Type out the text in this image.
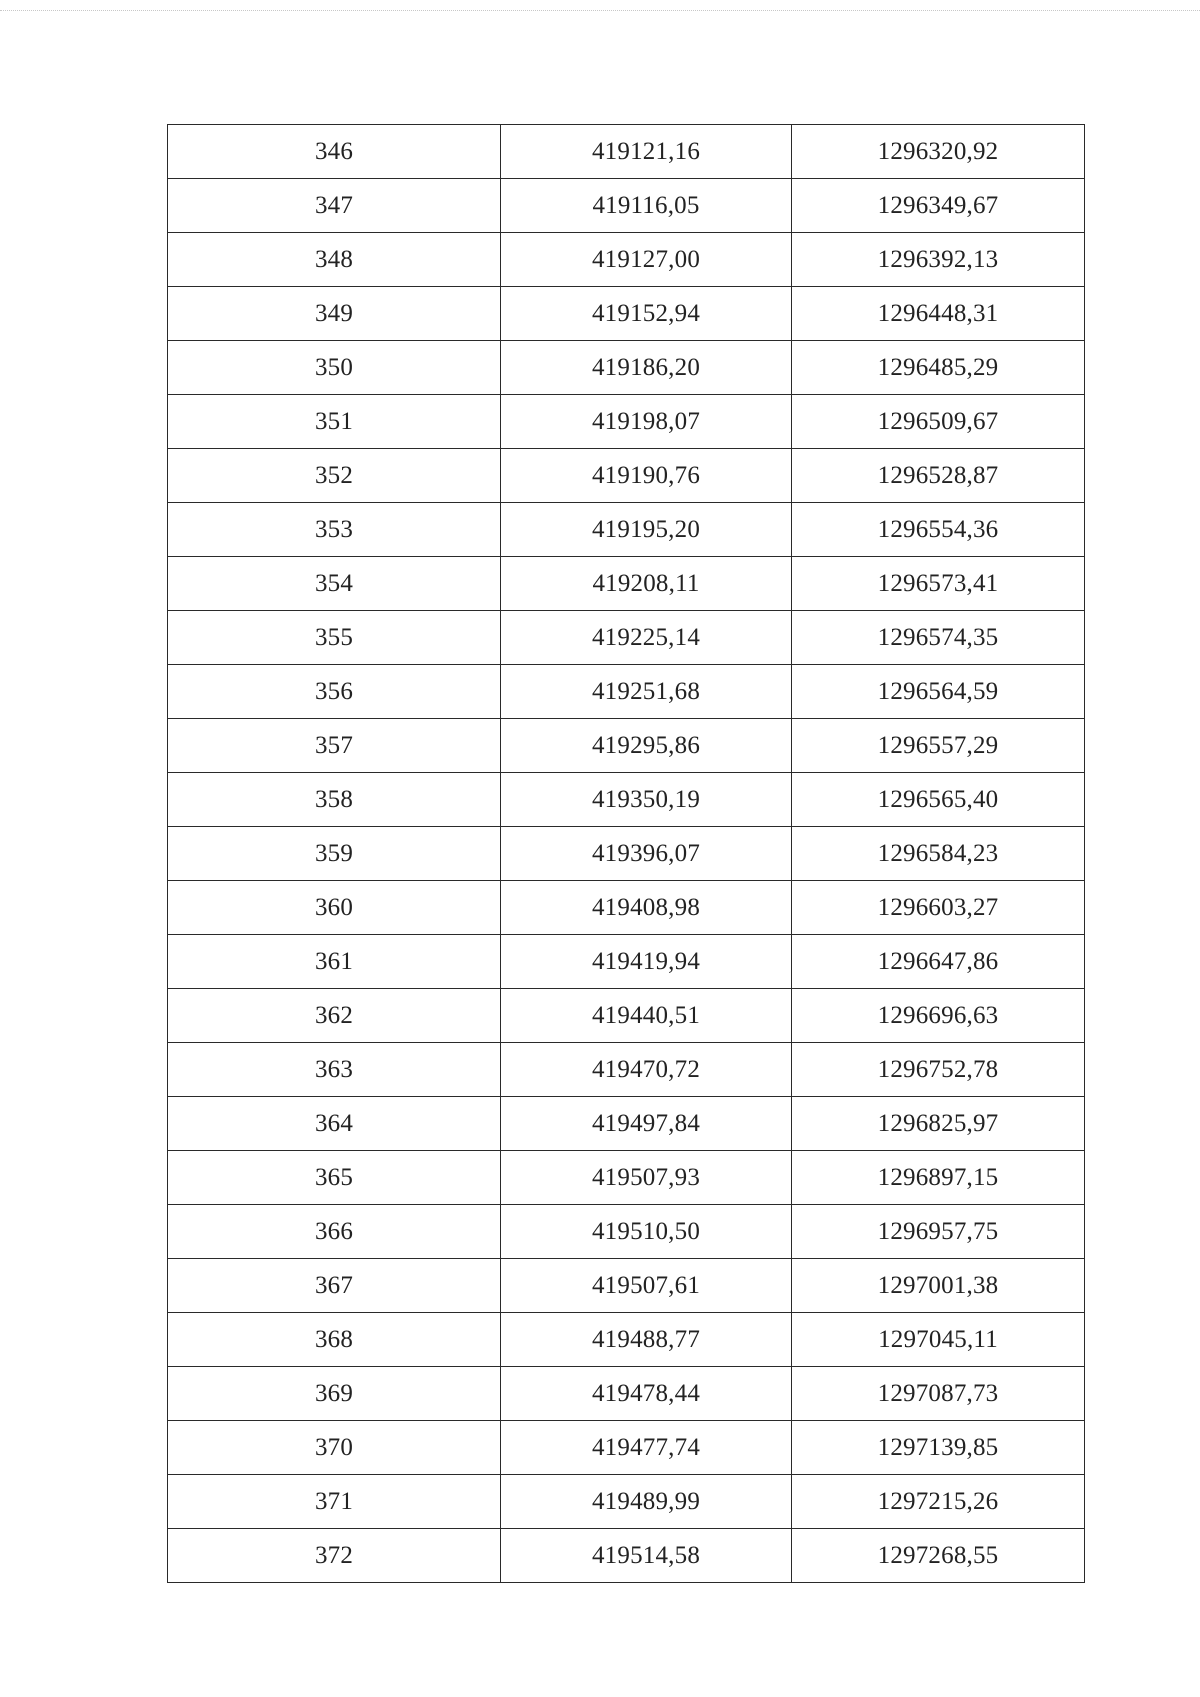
346	419121,16	1296320,92
347	419116,05	1296349,67
348	419127,00	1296392,13
349	419152,94	1296448,31
350	419186,20	1296485,29
351	419198,07	1296509,67
352	419190,76	1296528,87
353	419195,20	1296554,36
354	419208,11	1296573,41
355	419225,14	1296574,35
356	419251,68	1296564,59
357	419295,86	1296557,29
358	419350,19	1296565,40
359	419396,07	1296584,23
360	419408,98	1296603,27
361	419419,94	1296647,86
362	419440,51	1296696,63
363	419470,72	1296752,78
364	419497,84	1296825,97
365	419507,93	1296897,15
366	419510,50	1296957,75
367	419507,61	1297001,38
368	419488,77	1297045,11
369	419478,44	1297087,73
370	419477,74	1297139,85
371	419489,99	1297215,26
372	419514,58	1297268,55
